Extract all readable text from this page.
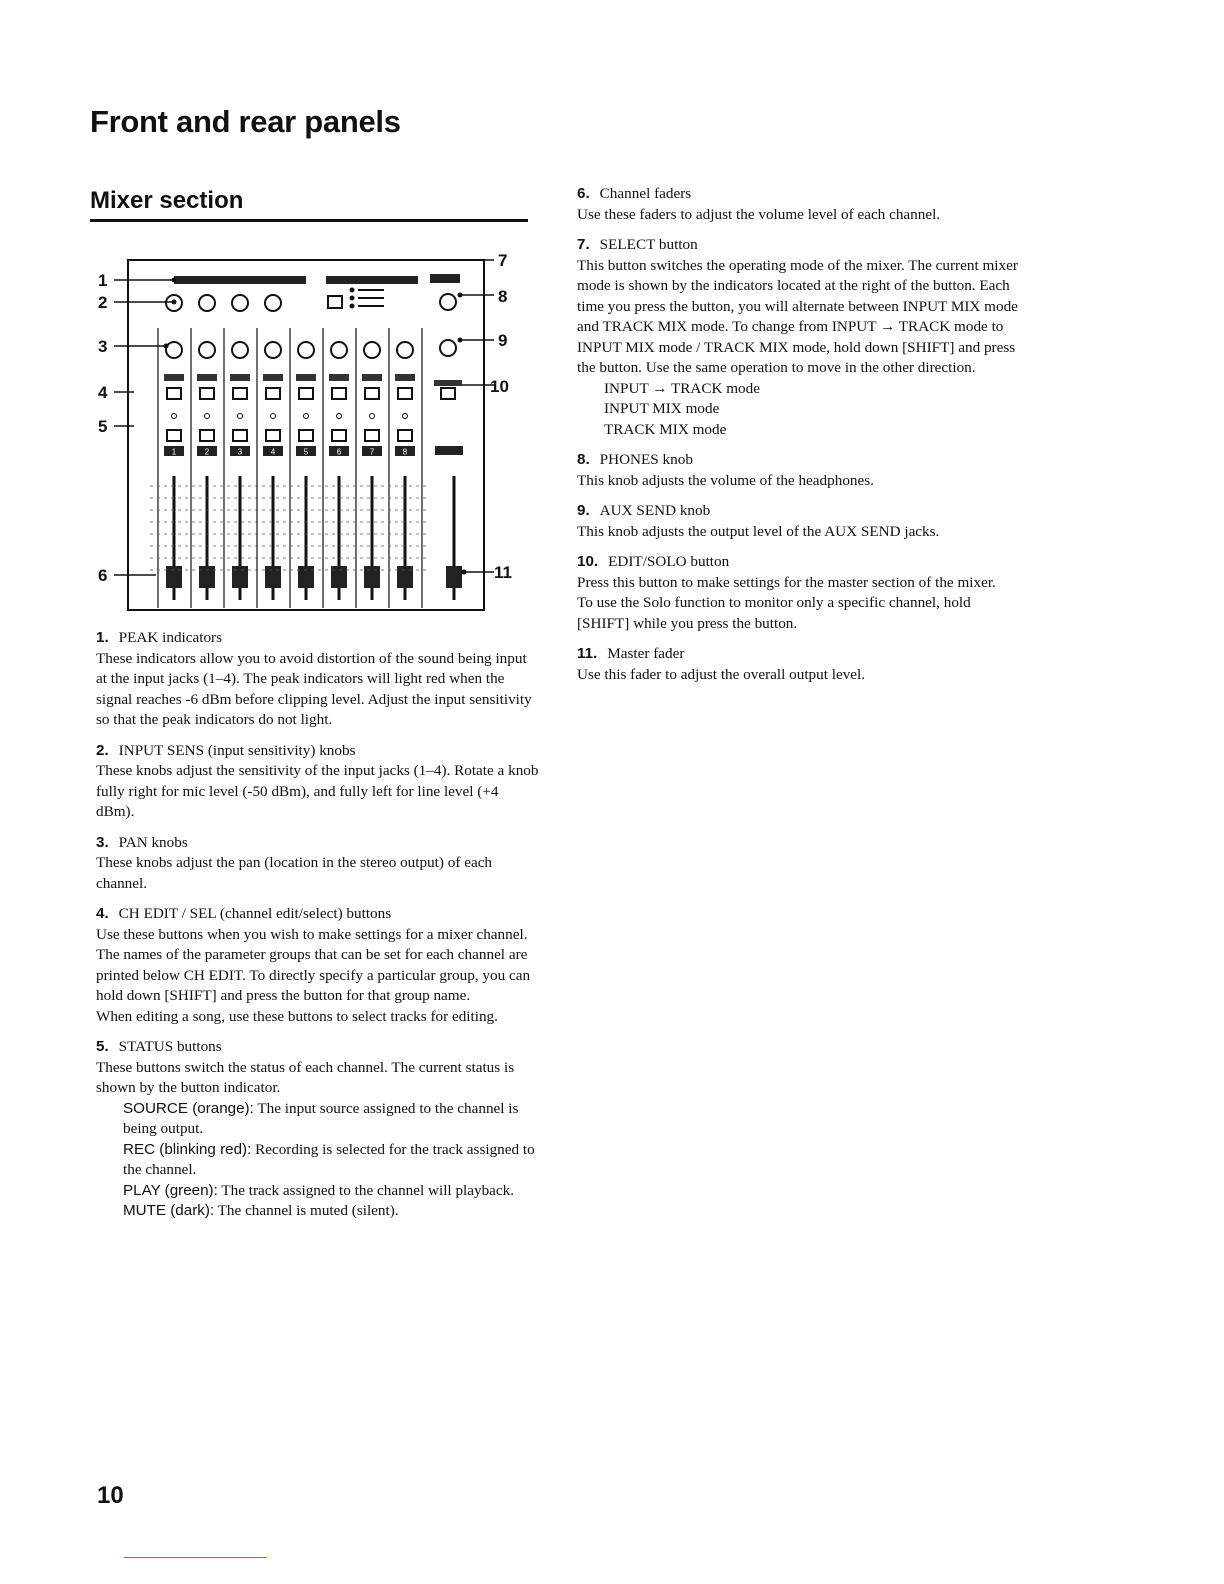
Front and rear panels
Mixer section
1	2	3	4	5	6	7	8
1
2
3
4
5
6
7
8
9
10
11
1. PEAK indicators
These indicators allow you to avoid distortion of the sound being input at the input jacks (1–4). The peak indicators will light red when the signal reaches -6 dBm before clipping level. Adjust the input sensitivity so that the peak indicators do not light.
2. INPUT SENS (input sensitivity) knobs
These knobs adjust the sensitivity of the input jacks (1–4). Rotate a knob fully right for mic level (-50 dBm), and fully left for line level (+4 dBm).
3. PAN knobs
These knobs adjust the pan (location in the stereo output) of each channel.
4. CH EDIT / SEL (channel edit/select) buttons
Use these buttons when you wish to make settings for a mixer channel. The names of the parameter groups that can be set for each channel are printed below CH EDIT. To directly specify a particular group, you can hold down [SHIFT] and press the button for that group name.
When editing a song, use these buttons to select tracks for editing.
5. STATUS buttons
These buttons switch the status of each channel. The current status is shown by the button indicator.
SOURCE (orange): The input source assigned to the channel is being output.
REC (blinking red): Recording is selected for the track assigned to the channel.
PLAY (green): The track assigned to the channel will playback.
MUTE (dark): The channel is muted (silent).
6. Channel faders
Use these faders to adjust the volume level of each channel.
7. SELECT button
This button switches the operating mode of the mixer. The current mixer mode is shown by the indicators located at the right of the button. Each time you press the button, you will alternate between INPUT MIX mode and TRACK MIX mode. To change from INPUT → TRACK mode to INPUT MIX mode / TRACK MIX mode, hold down [SHIFT] and press the button. Use the same operation to move in the other direction.
INPUT → TRACK mode
INPUT MIX mode
TRACK MIX mode
8. PHONES knob
This knob adjusts the volume of the headphones.
9. AUX SEND knob
This knob adjusts the output level of the AUX SEND jacks.
10. EDIT/SOLO button
Press this button to make settings for the master section of the mixer.
To use the Solo function to monitor only a specific channel, hold [SHIFT] while you press the button.
11. Master fader
Use this fader to adjust the overall output level.
10
